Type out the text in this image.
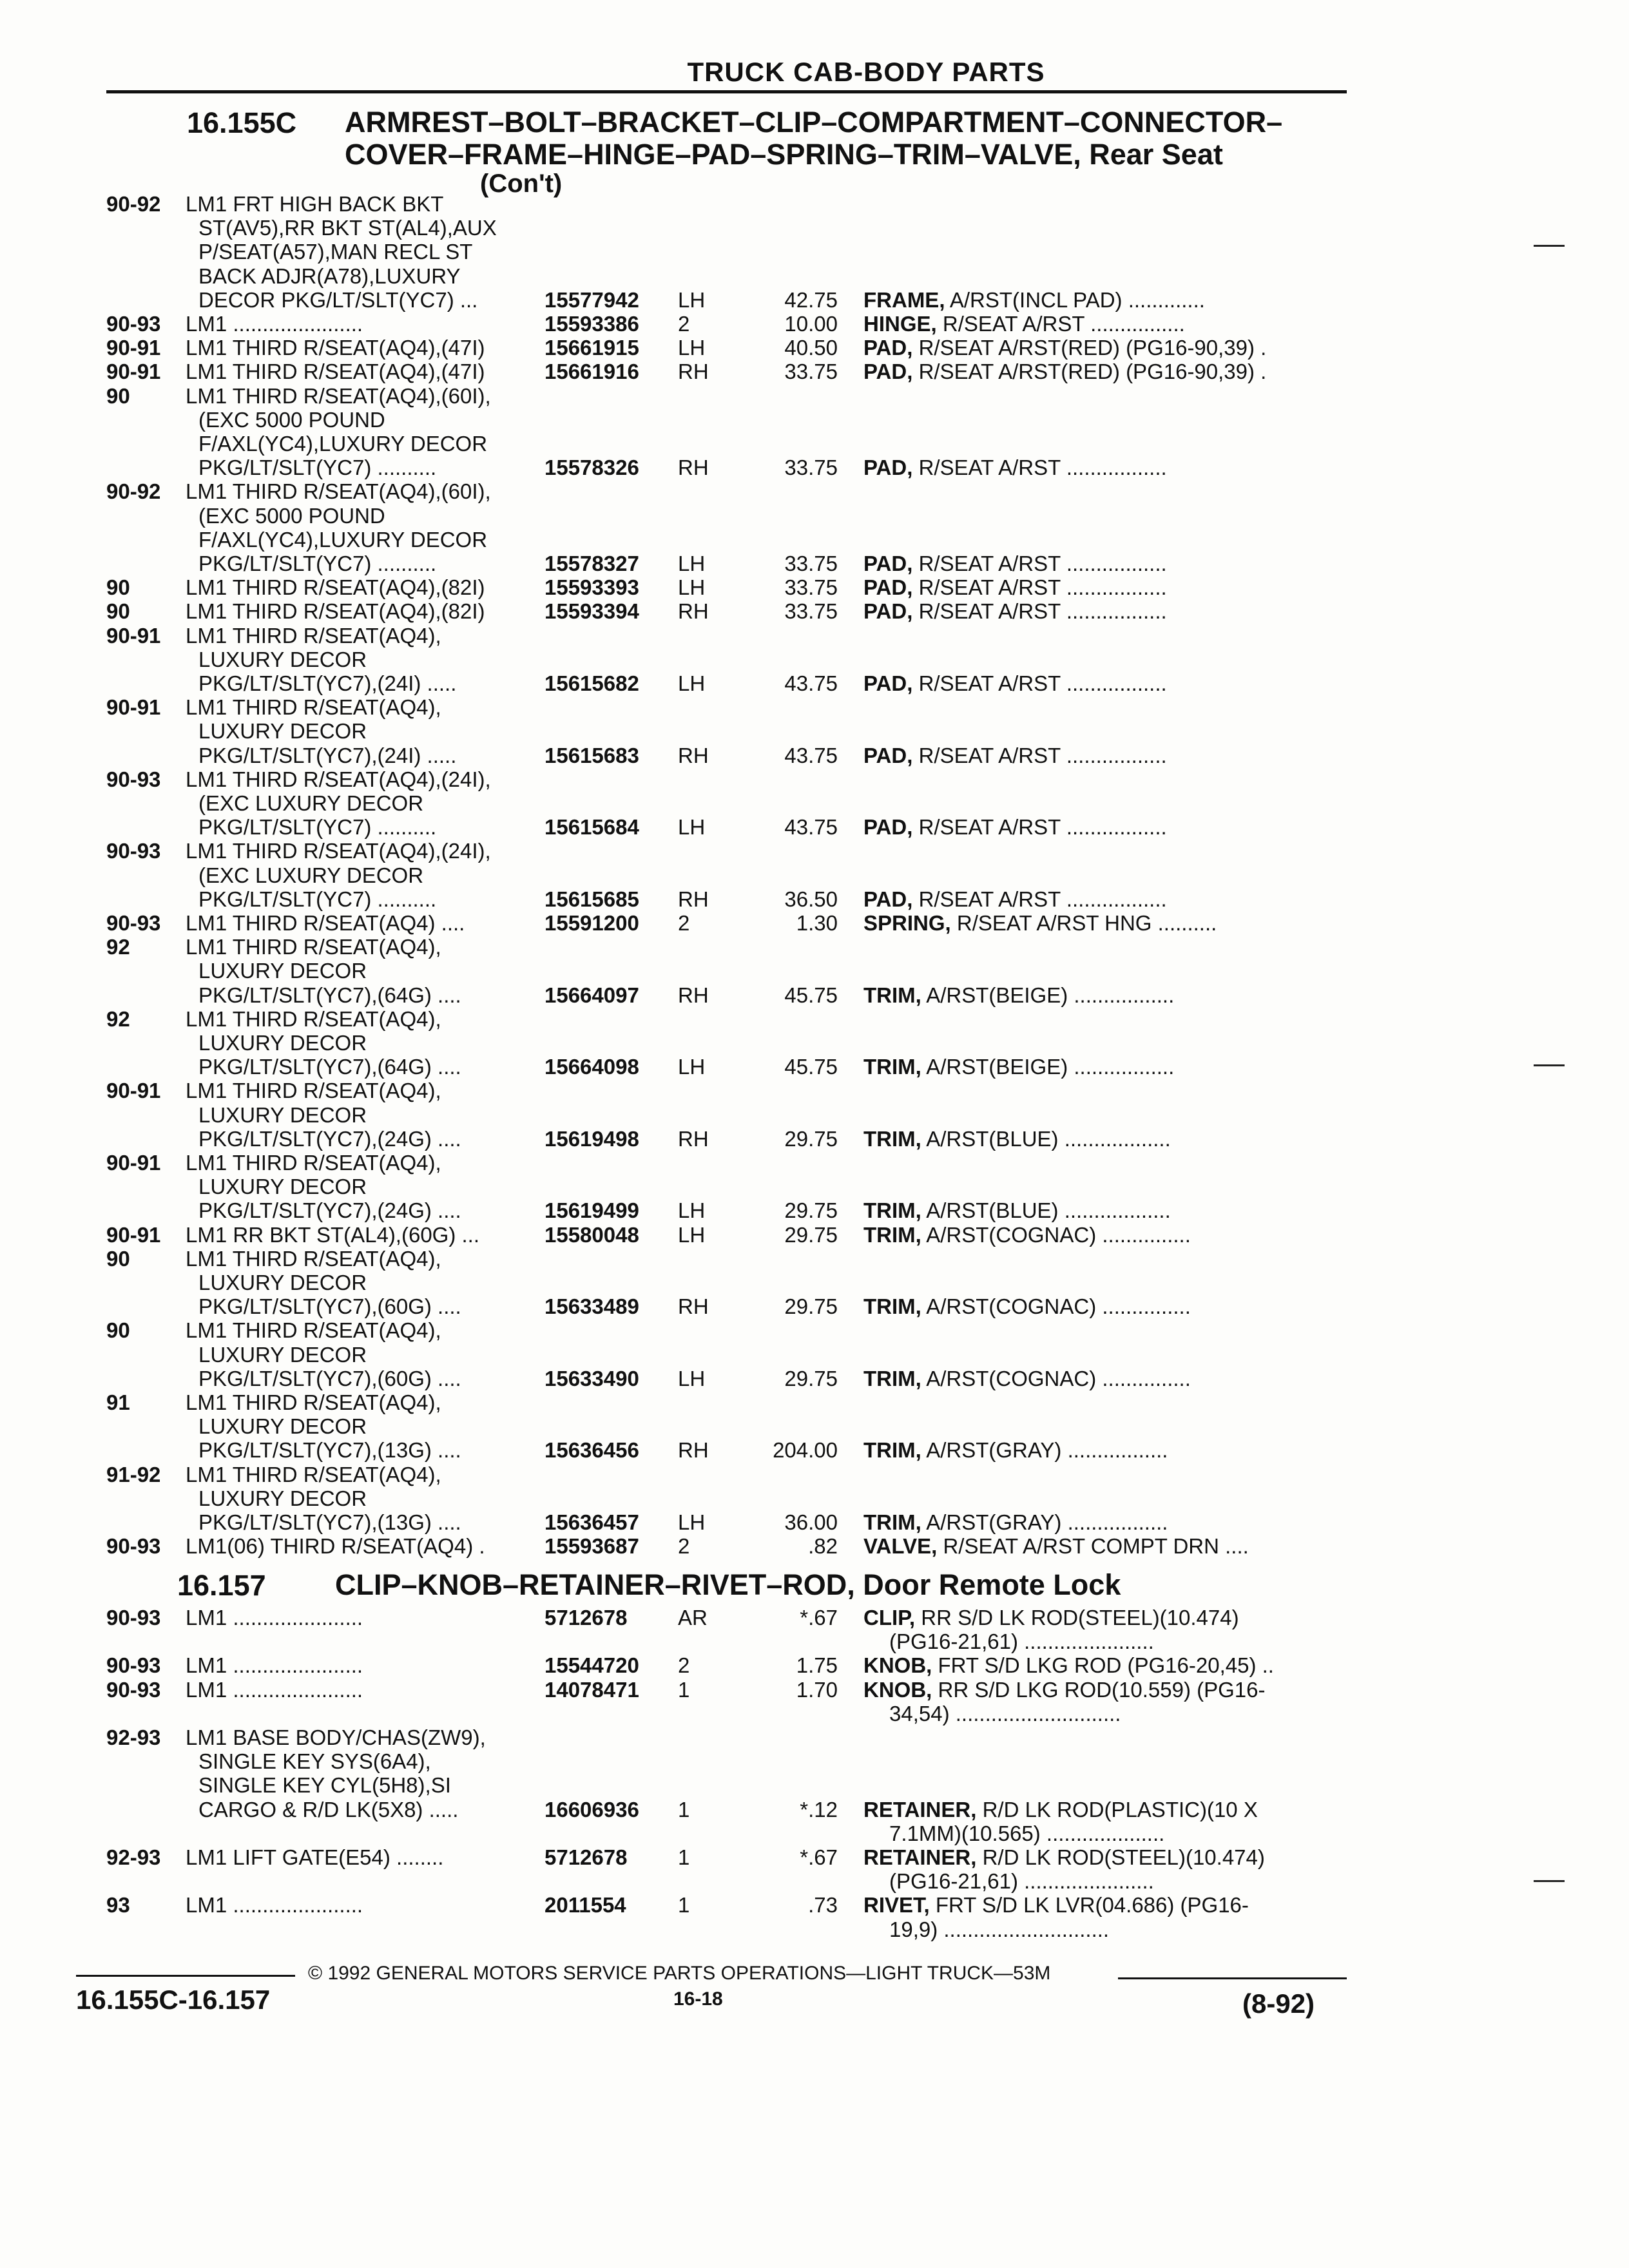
TRUCK CAB-BODY PARTS
16.155C ARMREST–BOLT–BRACKET–CLIP–COMPARTMENT–CONNECTOR–
COVER–FRAME–HINGE–PAD–SPRING–TRIM–VALVE, Rear Seat
(Con't)
90-92 LM1 FRT HIGH BACK BKT
ST(AV5),RR BKT ST(AL4),AUX
P/SEAT(A57),MAN RECL ST
BACK ADJR(A78),LUXURY
DECOR PKG/LT/SLT(YC7) ...	15577942 LH	42.75 FRAME, A/RST(INCL PAD) .............
90-93 LM1 ......................	15593386 2	10.00 HINGE, R/SEAT A/RST ................
90-91 LM1 THIRD R/SEAT(AQ4),(47I)	15661915 LH	40.50 PAD, R/SEAT A/RST(RED) (PG16-90,39) .
90-91 LM1 THIRD R/SEAT(AQ4),(47I)	15661916 RH	33.75 PAD, R/SEAT A/RST(RED) (PG16-90,39) .
90	LM1 THIRD R/SEAT(AQ4),(60I),
(EXC 5000 POUND
F/AXL(YC4),LUXURY DECOR
PKG/LT/SLT(YC7) ..........	15578326 RH	33.75 PAD, R/SEAT A/RST .................
90-92 LM1 THIRD R/SEAT(AQ4),(60I),
(EXC 5000 POUND
F/AXL(YC4),LUXURY DECOR
PKG/LT/SLT(YC7) ..........	15578327 LH	33.75 PAD, R/SEAT A/RST .................
90	LM1 THIRD R/SEAT(AQ4),(82I)	15593393 LH	33.75 PAD, R/SEAT A/RST .................
90	LM1 THIRD R/SEAT(AQ4),(82I)	15593394 RH	33.75 PAD, R/SEAT A/RST .................
90-91 LM1 THIRD R/SEAT(AQ4),
LUXURY DECOR
PKG/LT/SLT(YC7),(24I) .....	15615682 LH	43.75 PAD, R/SEAT A/RST .................
90-91 LM1 THIRD R/SEAT(AQ4),
LUXURY DECOR
PKG/LT/SLT(YC7),(24I) .....	15615683 RH	43.75 PAD, R/SEAT A/RST .................
90-93 LM1 THIRD R/SEAT(AQ4),(24I),
(EXC LUXURY DECOR
PKG/LT/SLT(YC7) ..........	15615684 LH	43.75 PAD, R/SEAT A/RST .................
90-93 LM1 THIRD R/SEAT(AQ4),(24I),
(EXC LUXURY DECOR
PKG/LT/SLT(YC7) ..........	15615685 RH	36.50 PAD, R/SEAT A/RST .................
90-93 LM1 THIRD R/SEAT(AQ4) ....	15591200 2	1.30 SPRING, R/SEAT A/RST HNG ..........
92	LM1 THIRD R/SEAT(AQ4),
LUXURY DECOR
PKG/LT/SLT(YC7),(64G) ....	15664097 RH	45.75 TRIM, A/RST(BEIGE) .................
92	LM1 THIRD R/SEAT(AQ4),
LUXURY DECOR
PKG/LT/SLT(YC7),(64G) ....	15664098 LH	45.75 TRIM, A/RST(BEIGE) .................
90-91 LM1 THIRD R/SEAT(AQ4),
LUXURY DECOR
PKG/LT/SLT(YC7),(24G) ....	15619498 RH	29.75 TRIM, A/RST(BLUE) ..................
90-91 LM1 THIRD R/SEAT(AQ4),
LUXURY DECOR
PKG/LT/SLT(YC7),(24G) ....	15619499 LH	29.75 TRIM, A/RST(BLUE) ..................
90-91 LM1 RR BKT ST(AL4),(60G) ...	15580048 LH	29.75 TRIM, A/RST(COGNAC) ...............
90	LM1 THIRD R/SEAT(AQ4),
LUXURY DECOR
PKG/LT/SLT(YC7),(60G) ....	15633489 RH	29.75 TRIM, A/RST(COGNAC) ...............
90	LM1 THIRD R/SEAT(AQ4),
LUXURY DECOR
PKG/LT/SLT(YC7),(60G) ....	15633490 LH	29.75 TRIM, A/RST(COGNAC) ...............
91	LM1 THIRD R/SEAT(AQ4),
LUXURY DECOR
PKG/LT/SLT(YC7),(13G) ....	15636456 RH	204.00 TRIM, A/RST(GRAY) .................
91-92 LM1 THIRD R/SEAT(AQ4),
LUXURY DECOR
PKG/LT/SLT(YC7),(13G) ....	15636457 LH	36.00 TRIM, A/RST(GRAY) .................
90-93 LM1(06) THIRD R/SEAT(AQ4) .	15593687 2	.82 VALVE, R/SEAT A/RST COMPT DRN ....
16.157 CLIP–KNOB–RETAINER–RIVET–ROD, Door Remote Lock
90-93 LM1 ......................	5712678 AR	*.67 CLIP, RR S/D LK ROD(STEEL)(10.474)
(PG16-21,61) ......................
90-93 LM1 ......................	15544720 2	1.75 KNOB, FRT S/D LKG ROD (PG16-20,45) ..
90-93 LM1 ......................	14078471 1	1.70 KNOB, RR S/D LKG ROD(10.559) (PG16-
34,54) ............................
92-93 LM1 BASE BODY/CHAS(ZW9),
SINGLE KEY SYS(6A4),
SINGLE KEY CYL(5H8),SI
CARGO & R/D LK(5X8) .....	16606936 1	*.12 RETAINER, R/D LK ROD(PLASTIC)(10 X
7.1MM)(10.565) ....................
92-93 LM1 LIFT GATE(E54) ........	5712678 1	*.67 RETAINER, R/D LK ROD(STEEL)(10.474)
(PG16-21,61) ......................
93	LM1 ......................	2011554 1	.73 RIVET, FRT S/D LK LVR(04.686) (PG16-
19,9) ............................
© 1992 GENERAL MOTORS SERVICE PARTS OPERATIONS—LIGHT TRUCK—53M
16.155C-16.157	16-18	(8-92)
